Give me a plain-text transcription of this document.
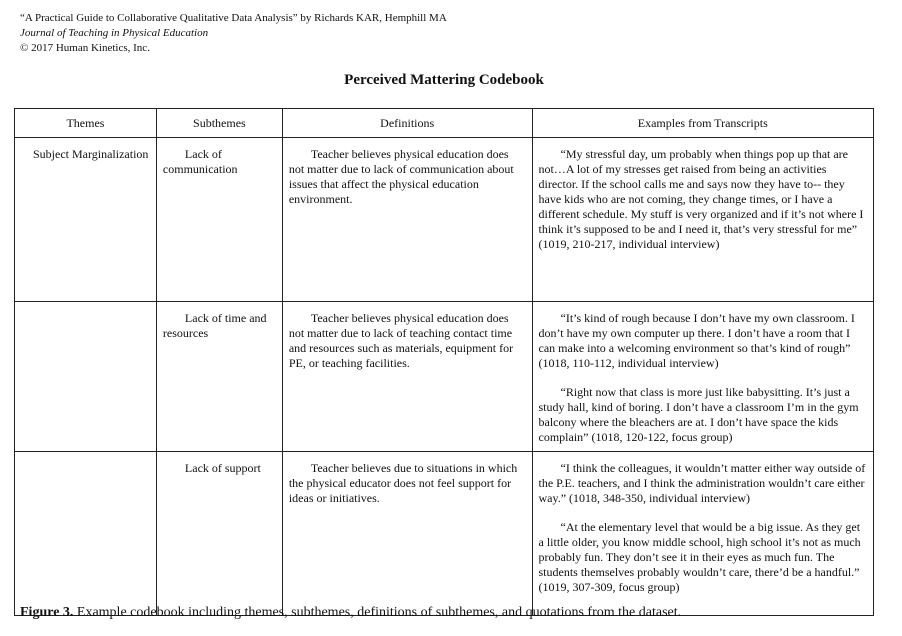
“A Practical Guide to Collaborative Qualitative Data Analysis” by Richards KAR, Hemphill MA
Journal of Teaching in Physical Education
© 2017 Human Kinetics, Inc.
Perceived Mattering Codebook
Themes	Subthemes	Definitions	Examples from Transcripts

Subject Marginalization	Lack of communication	Teacher believes physical education does not matter due to lack of communication about issues that affect the physical education environment.	“My stressful day, um probably when things pop up that are not…A lot of my stresses get raised from being an activities director. If the school calls me and says now they have to-- they have kids who are not coming, they change times, or I have a different schedule. My stuff is very organized and if it’s not where I think it’s supposed to be and I need it, that’s very stressful for me” (1019, 210-217, individual interview)

	Lack of time and resources	Teacher believes physical education does not matter due to lack of teaching contact time and resources such as materials, equipment for PE, or teaching facilities.	“It’s kind of rough because I don’t have my own classroom. I don’t have my own computer up there. I don’t have a room that I can make into a welcoming environment so that’s kind of rough” (1018, 110-112, individual interview)

“Right now that class is more just like babysitting. It’s just a study hall, kind of boring. I don’t have a classroom I’m in the gym balcony where the bleachers are at. I don’t have space the kids complain” (1018, 120-122, focus group)

	Lack of support	Teacher believes due to situations in which the physical educator does not feel support for ideas or initiatives.	“I think the colleagues, it wouldn’t matter either way outside of the P.E. teachers, and I think the administration wouldn’t care either way.” (1018, 348-350, individual interview)

“At the elementary level that would be a big issue. As they get a little older, you know middle school, high school it’s not as much probably fun. They don’t see it in their eyes as much fun. The students themselves probably wouldn’t care, there’d be a handful.” (1019, 307-309, focus group)

Figure 3. Example codebook including themes, subthemes, definitions of subthemes, and quotations from the dataset.
